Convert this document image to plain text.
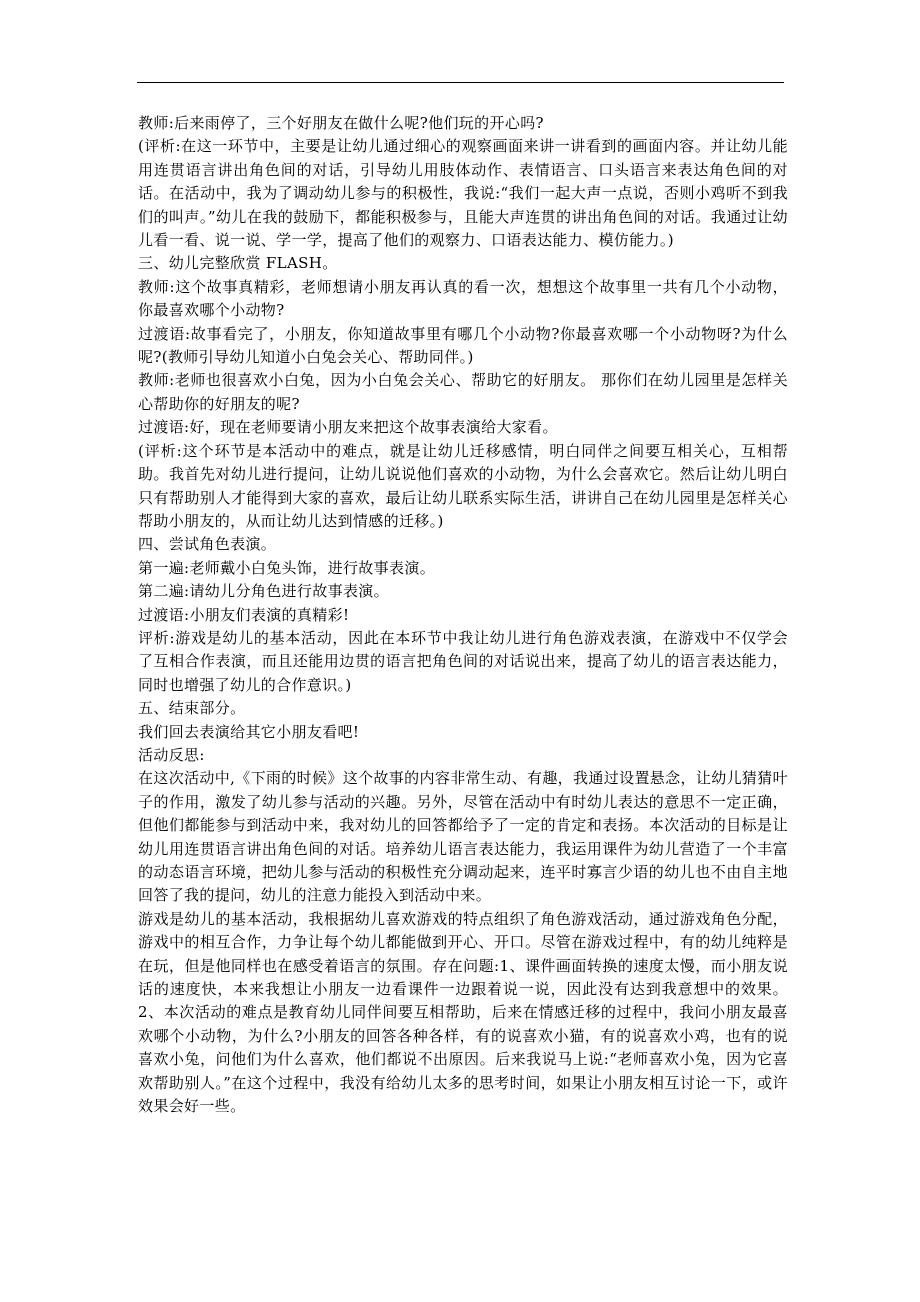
教师:后来雨停了，三个好朋友在做什么呢?他们玩的开心吗?

(评析:在这一环节中，主要是让幼儿通过细心的观察画面来讲一讲看到的画面内容。并让幼儿能用连贯语言讲出角色间的对话，引导幼儿用肢体动作、表情语言、口头语言来表达角色间的对话。在活动中，我为了调动幼儿参与的积极性，我说:“我们一起大声一点说，否则小鸡听不到我们的叫声。”幼儿在我的鼓励下，都能积极参与，且能大声连贯的讲出角色间的对话。我通过让幼儿看一看、说一说、学一学，提高了他们的观察力、口语表达能力、模仿能力。)

三、幼儿完整欣赏 FLASH。

教师:这个故事真精彩，老师想请小朋友再认真的看一次，想想这个故事里一共有几个小动物，你最喜欢哪个小动物?

过渡语:故事看完了，小朋友，你知道故事里有哪几个小动物?你最喜欢哪一个小动物呀?为什么呢?(教师引导幼儿知道小白兔会关心、帮助同伴。)

教师:老师也很喜欢小白兔，因为小白兔会关心、帮助它的好朋友。 那你们在幼儿园里是怎样关心帮助你的好朋友的呢?

过渡语:好，现在老师要请小朋友来把这个故事表演给大家看。

(评析:这个环节是本活动中的难点，就是让幼儿迁移感情，明白同伴之间要互相关心，互相帮助。我首先对幼儿进行提问，让幼儿说说他们喜欢的小动物，为什么会喜欢它。然后让幼儿明白只有帮助别人才能得到大家的喜欢，最后让幼儿联系实际生活，讲讲自己在幼儿园里是怎样关心帮助小朋友的，从而让幼儿达到情感的迁移。)

四、尝试角色表演。

第一遍:老师戴小白兔头饰，进行故事表演。

第二遍:请幼儿分角色进行故事表演。

过渡语:小朋友们表演的真精彩!

评析:游戏是幼儿的基本活动，因此在本环节中我让幼儿进行角色游戏表演，在游戏中不仅学会了互相合作表演，而且还能用边贯的语言把角色间的对话说出来，提高了幼儿的语言表达能力，同时也增强了幼儿的合作意识。)

五、结束部分。

我们回去表演给其它小朋友看吧!

活动反思:

在这次活动中,《下雨的时候》这个故事的内容非常生动、有趣，我通过设置悬念，让幼儿猜猜叶子的作用，激发了幼儿参与活动的兴趣。另外，尽管在活动中有时幼儿表达的意思不一定正确，但他们都能参与到活动中来，我对幼儿的回答都给予了一定的肯定和表扬。本次活动的目标是让幼儿用连贯语言讲出角色间的对话。培养幼儿语言表达能力，我运用课件为幼儿营造了一个丰富的动态语言环境，把幼儿参与活动的积极性充分调动起来，连平时寡言少语的幼儿也不由自主地回答了我的提问，幼儿的注意力能投入到活动中来。

游戏是幼儿的基本活动，我根据幼儿喜欢游戏的特点组织了角色游戏活动，通过游戏角色分配，游戏中的相互合作，力争让每个幼儿都能做到开心、开口。尽管在游戏过程中，有的幼儿纯粹是在玩，但是他同样也在感受着语言的氛围。存在问题:1、课件画面转换的速度太慢，而小朋友说话的速度快，本来我想让小朋友一边看课件一边跟着说一说，因此没有达到我意想中的效果。2、本次活动的难点是教育幼儿同伴间要互相帮助，后来在情感迁移的过程中，我问小朋友最喜欢哪个小动物，为什么?小朋友的回答各种各样，有的说喜欢小猫，有的说喜欢小鸡，也有的说喜欢小兔，问他们为什么喜欢，他们都说不出原因。后来我说马上说:“老师喜欢小兔，因为它喜欢帮助别人。”在这个过程中，我没有给幼儿太多的思考时间，如果让小朋友相互讨论一下，或许效果会好一些。
